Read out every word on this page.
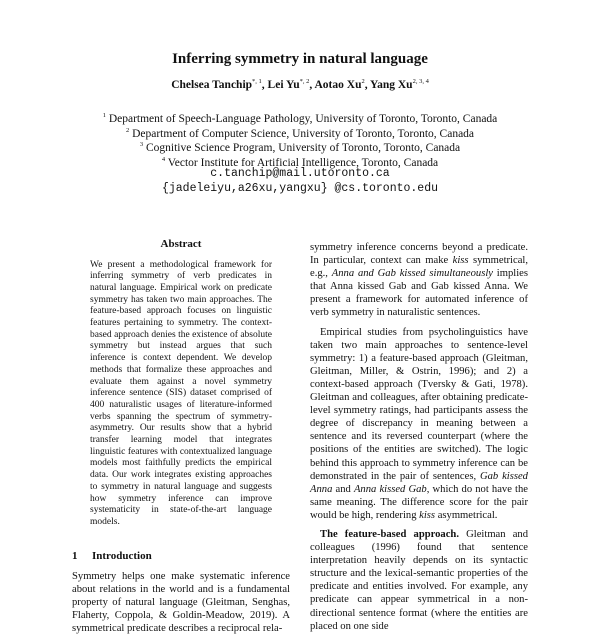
Inferring symmetry in natural language

Chelsea Tanchip$^{*, 1}$, Lei $Yu^{*, 2}$, Aotao Xu$^2$, Yang Xu$^{2, 3, 4}$

$^1$ Department of Speech-Language Pathology, University of Toronto, Toronto, Canada
$^2$ Department of Computer Science, University of Toronto, Toronto, Canada
$^3$ Cognitive Science Program, University of Toronto, Toronto, Canada
$^4$ Vector Institute for Artificial Intelligence, Toronto, Canada
c.tanchip@mail.utoronto.ca
{jadeleiyu,a26xu,yangxu} @cs.toronto.edu
Abstract

We present a methodological framework for inferring symmetry of verb predicates in natural language. Empirical work on predicate symmetry has taken two main approaches. The feature-based approach focuses on linguistic features pertaining to symmetry. The context-based approach denies the existence of absolute symmetry but instead argues that such inference is context dependent. We develop methods that formalize these approaches and evaluate them against a novel symmetry inference sentence (SIS) dataset comprised of 400 naturalistic usages of literature-informed verbs spanning the spectrum of symmetry-asymmetry. Our results show that a hybrid transfer learning model that integrates linguistic features with contextualized language models most faithfully predicts the empirical data. Our work integrates existing approaches to symmetry in natural language and suggests how symmetry inference can improve systematicity in state-of-the-art language models.

1 Introduction

Symmetry helps one make systematic inference about relations in the world and is a fundamental property of natural language (Gleitman, Senghas, Flaherty, Coppola, & Goldin-Meadow, 2019). A symmetrical predicate describes a reciprocal rela-

symmetry inference concerns beyond a predicate. In particular, context can make kiss symmetrical, e.g., Anna and Gab kissed simultaneously implies that Anna kissed Gab and Gab kissed Anna. We present a framework for automated inference of verb symmetry in naturalistic sentences.

Empirical studies from psycholinguistics have taken two main approaches to sentence-level symmetry: 1) a feature-based approach (Gleitman, Gleitman, Miller, & Ostrin, 1996); and 2) a context-based approach (Tversky & Gati, 1978). Gleitman and colleagues, after obtaining predicate-level symmetry ratings, had participants assess the degree of discrepancy in meaning between a sentence and its reversed counterpart (where the positions of the entities are switched). The logic behind this approach to symmetry inference can be demonstrated in the pair of sentences, Gab kissed Anna and Anna kissed Gab, which do not have the same meaning. The difference score for the pair would be high, rendering kiss asymmetrical.

The feature-based approach. Gleitman and colleagues (1996) found that sentence interpretation heavily depends on its syntactic structure and the lexical-semantic properties of the predicate and entities involved. For example, any predicate can appear symmetrical in a non-directional sentence format (where the entities are placed on one side
